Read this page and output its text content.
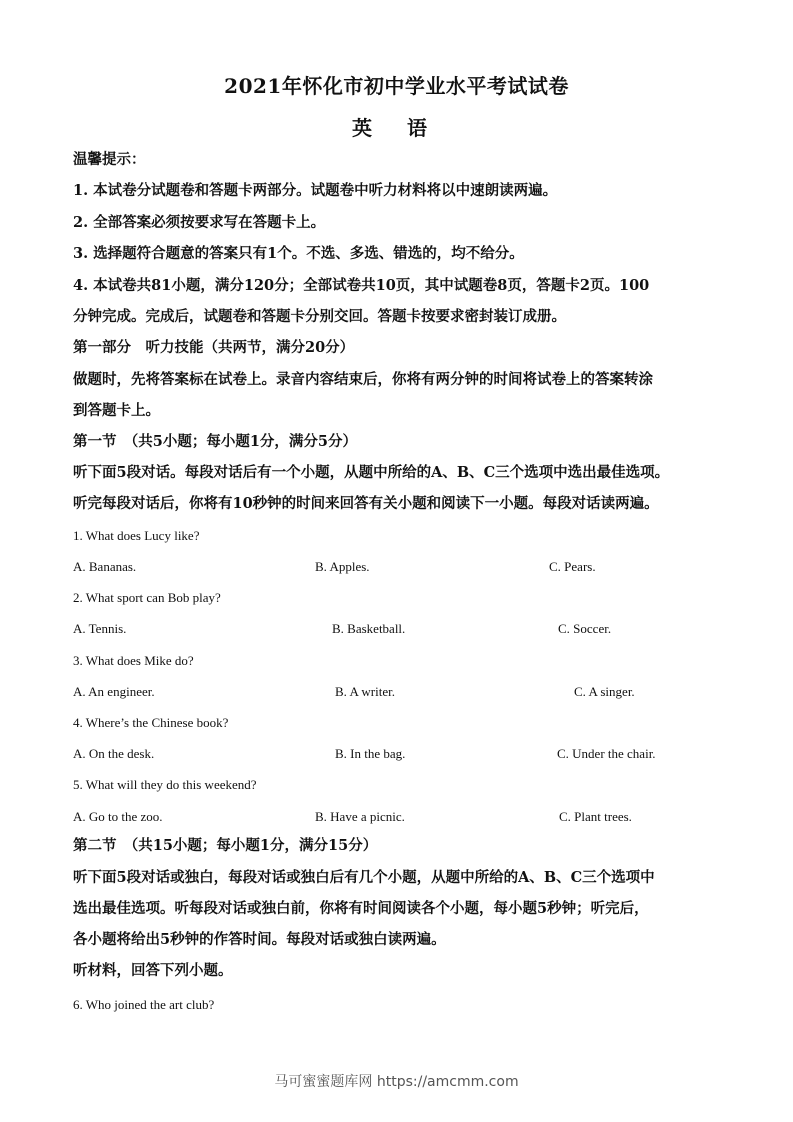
2021年怀化市初中学业水平考试试卷
英 语
温馨提示：
1. 本试卷分试题卷和答题卡两部分。试题卷中听力材料将以中速朗读两遍。
2. 全部答案必须按要求写在答题卡上。
3. 选择题符合题意的答案只有1个。不选、多选、错选的，均不给分。
4. 本试卷共81小题，满分120分；全部试卷共10页，其中试题卷8页，答题卡2页。100
分钟完成。完成后，试题卷和答题卡分别交回。答题卡按要求密封装订成册。
第一部分　听力技能（共两节，满分20分）
做题时，先将答案标在试卷上。录音内容结束后，你将有两分钟的时间将试卷上的答案转涂
到答题卡上。
第一节　（共5小题；每小题1分，满分5分）
听下面5段对话。每段对话后有一个小题，从题中所给的A、B、C三个选项中选出最佳选项。
听完每段对话后，你将有10秒钟的时间来回答有关小题和阅读下一小题。每段对话读两遍。
1. What does Lucy like?
A. Bananas.	B. Apples.	C. Pears.
2. What sport can Bob play?
A. Tennis.	B. Basketball.	C. Soccer.
3. What does Mike do?
A. An engineer.	B. A writer.	C. A singer.
4. Where’s the Chinese book?
A. On the desk.	B. In the bag.	C. Under the chair.
5. What will they do this weekend?
A. Go to the zoo.	B. Have a picnic.	C. Plant trees.
第二节　（共15小题；每小题1分，满分15分）
听下面5段对话或独白，每段对话或独白后有几个小题，从题中所给的A、B、C三个选项中
选出最佳选项。听每段对话或独白前，你将有时间阅读各个小题，每小题5秒钟；听完后，
各小题将给出5秒钟的作答时间。每段对话或独白读两遍。
听材料，回答下列小题。
6. Who joined the art club?
马可蜜蜜题库网 https://amcmm.com
